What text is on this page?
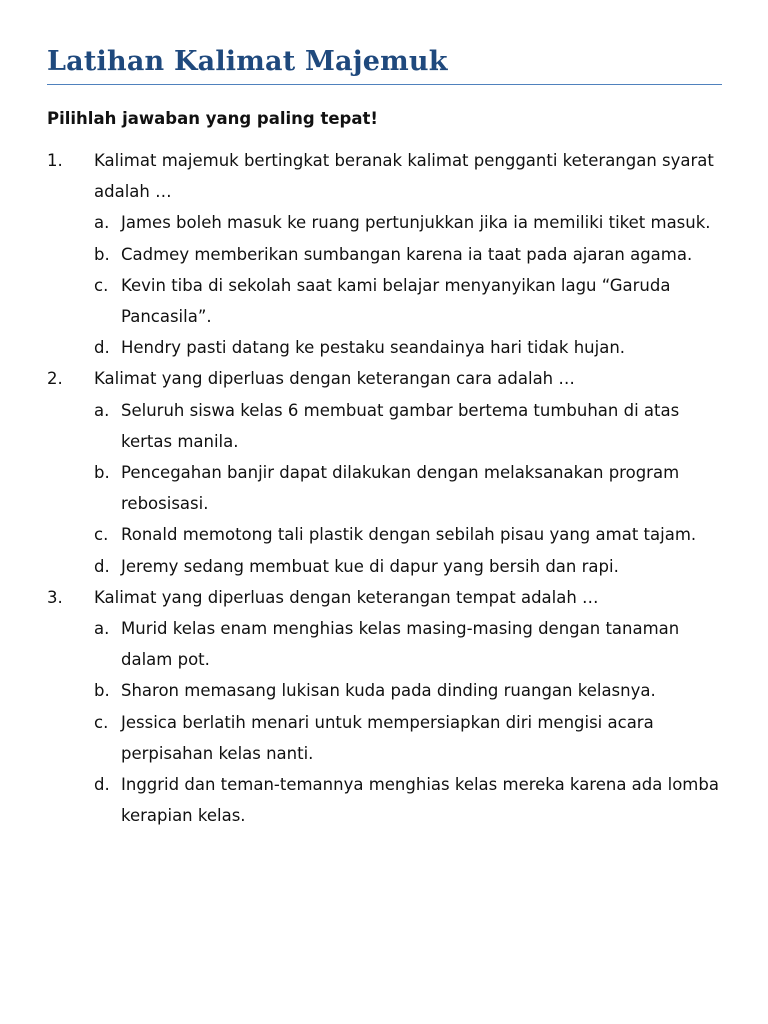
Latihan Kalimat Majemuk
Pilihlah jawaban yang paling tepat!
1.	Kalimat majemuk bertingkat beranak kalimat pengganti keterangan syarat adalah …
a. James boleh masuk ke ruang pertunjukkan jika ia memiliki tiket masuk.
b. Cadmey memberikan sumbangan karena ia taat pada ajaran agama.
c. Kevin tiba di sekolah saat kami belajar menyanyikan lagu “Garuda Pancasila”.
d. Hendry pasti datang ke pestaku seandainya hari tidak hujan.
2.	Kalimat yang diperluas dengan keterangan cara adalah …
a. Seluruh siswa kelas 6 membuat gambar bertema tumbuhan di atas kertas manila.
b. Pencegahan banjir dapat dilakukan dengan melaksanakan program rebosisasi.
c. Ronald memotong tali plastik dengan sebilah pisau yang amat tajam.
d. Jeremy sedang membuat kue di dapur yang bersih dan rapi.
3.	Kalimat yang diperluas dengan keterangan tempat adalah …
a. Murid kelas enam menghias kelas masing-masing dengan tanaman dalam pot.
b. Sharon memasang lukisan kuda pada dinding ruangan kelasnya.
c. Jessica berlatih menari untuk mempersiapkan diri mengisi acara perpisahan kelas nanti.
d. Inggrid dan teman-temannya menghias kelas mereka karena ada lomba kerapian kelas.
